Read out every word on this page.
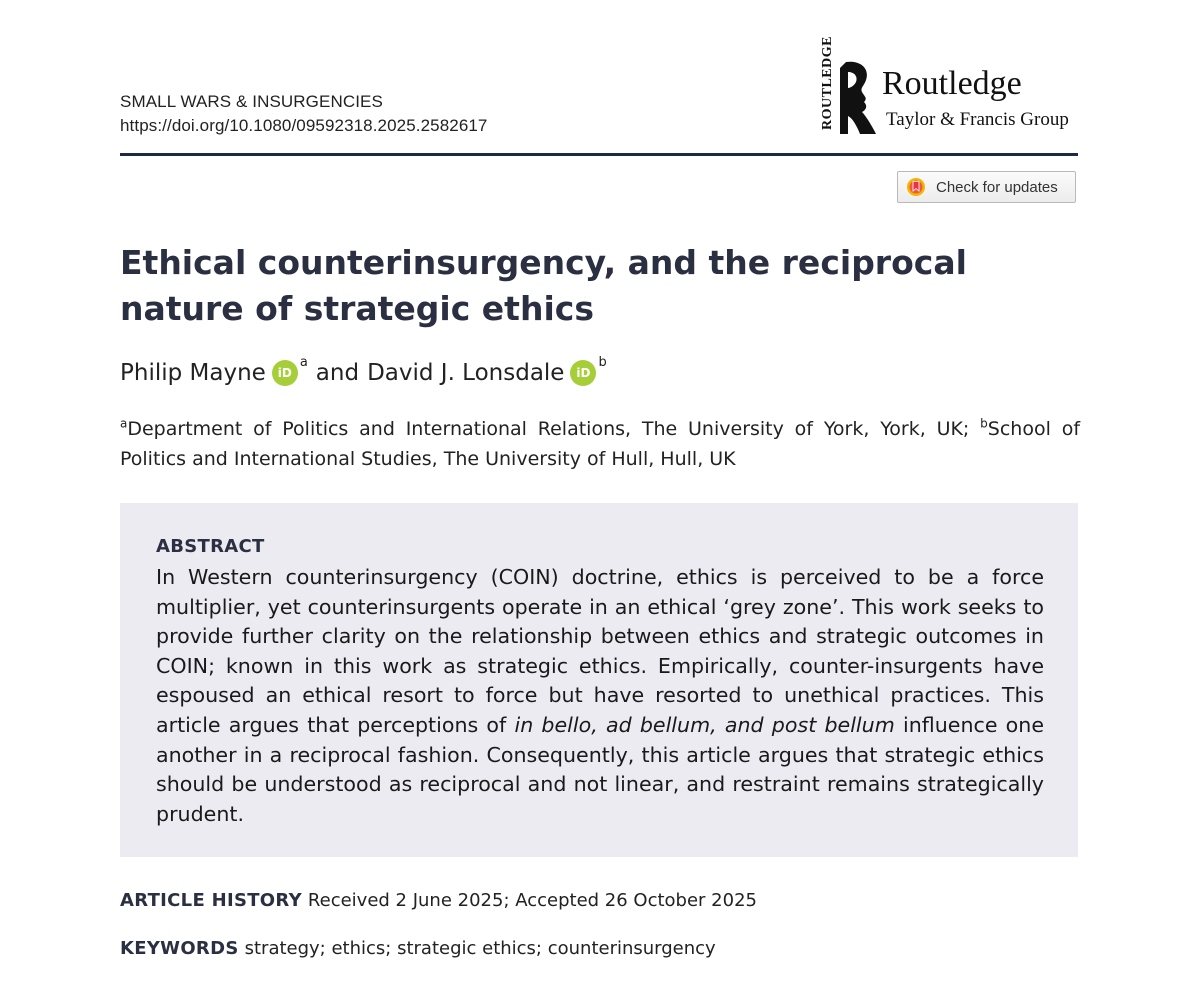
SMALL WARS & INSURGENCIES
https://doi.org/10.1080/09592318.2025.2582617	ROUTLEDGE Routledge
Taylor & Francis Group
Check for updates
Ethical counterinsurgency, and the reciprocal nature of strategic ethics
Philip Mayne iD
$^a$ and David J. Lonsdale iD
$^b$
$^a$Department of Politics and International Relations, The University of York, York, UK; $^b$School of Politics and International Studies, The University of Hull, Hull, UK
ABSTRACT

In Western counterinsurgency (COIN) doctrine, ethics is perceived to be a force multiplier, yet counterinsurgents operate in an ethical ‘grey zone’. This work seeks to provide further clarity on the relationship between ethics and strategic outcomes in COIN; known in this work as strategic ethics. Empirically, counter-insurgents have espoused an ethical resort to force but have resorted to unethical practices. This article argues that perceptions of in bello, ad bellum, and post bellum influence one another in a reciprocal fashion. Consequently, this article argues that strategic ethics should be understood as reciprocal and not linear, and restraint remains strategically prudent.

ARTICLE HISTORY Received 2 June 2025; Accepted 26 October 2025
KEYWORDS strategy; ethics; strategic ethics; counterinsurgency
